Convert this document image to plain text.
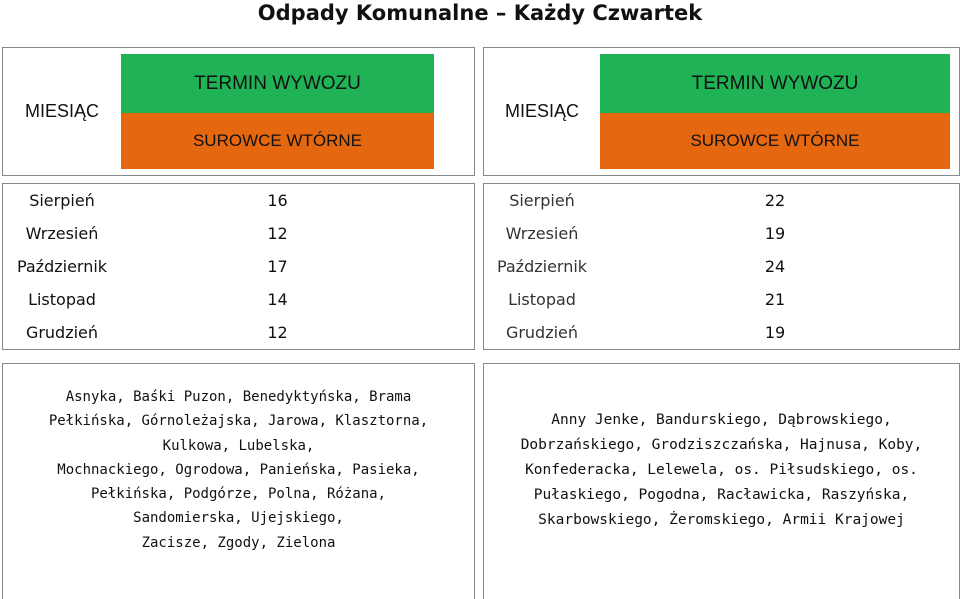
Odpady Komunalne – Każdy Czwartek
MIESIĄC
TERMIN WYWOZU
SUROWCE WTÓRNE
MIESIĄC
TERMIN WYWOZU
SUROWCE WTÓRNE
Sierpień	16
Wrzesień	12
Październik	17
Listopad	14
Grudzień	12
Sierpień	22
Wrzesień	19
Październik	24
Listopad	21
Grudzień	19
Asnyka, Baśki Puzon, Benedyktyńska, Brama
Pełkińska, Górnoleżajska, Jarowa, Klasztorna,
Kulkowa, Lubelska,
Mochnackiego, Ogrodowa, Panieńska, Pasieka,
Pełkińska, Podgórze, Polna, Różana,
Sandomierska, Ujejskiego,
Zacisze, Zgody, Zielona
Anny Jenke, Bandurskiego, Dąbrowskiego,
Dobrzańskiego, Grodziszczańska, Hajnusa, Koby,
Konfederacka, Lelewela, os. Piłsudskiego, os.
Pułaskiego, Pogodna, Racławicka, Raszyńska,
Skarbowskiego, Żeromskiego, Armii Krajowej
